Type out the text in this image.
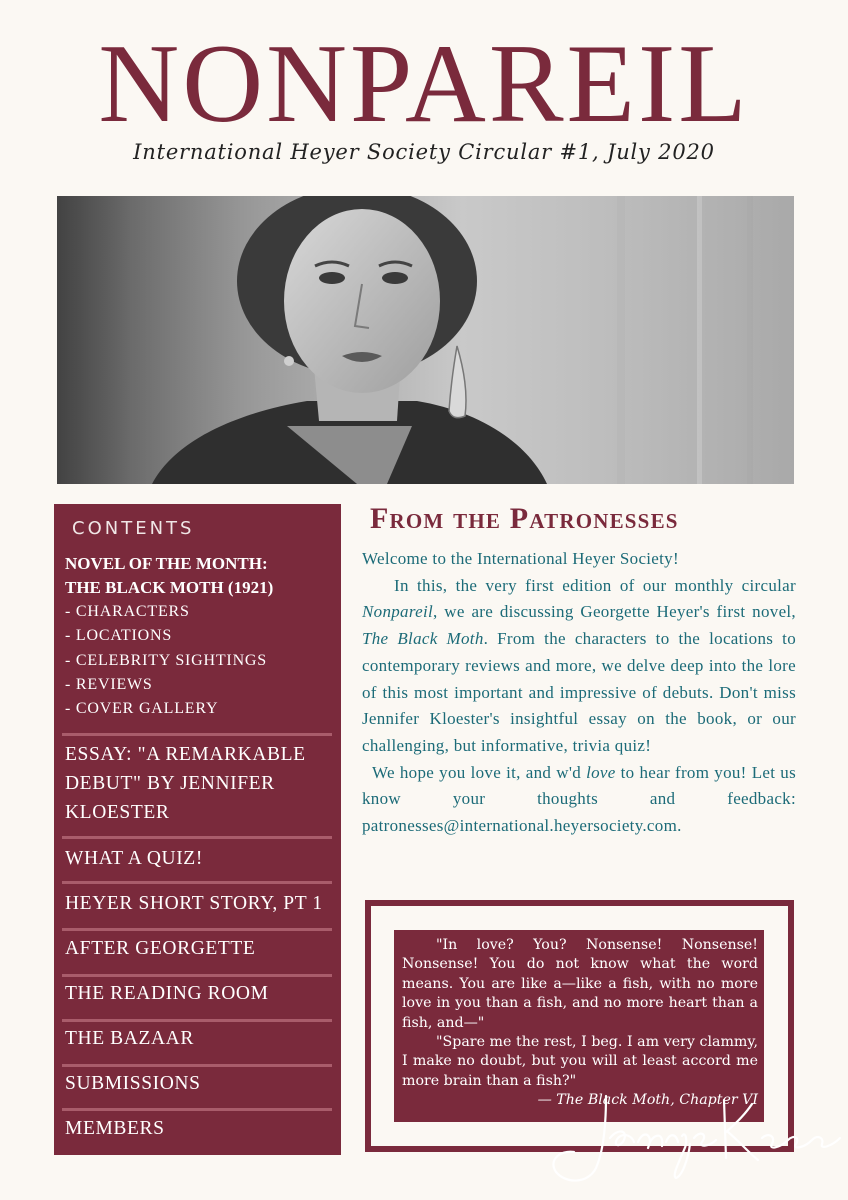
NONPAREIL
International Heyer Society Circular #1, July 2020
CONTENTS
NOVEL OF THE MONTH:
THE BLACK MOTH (1921)
- CHARACTERS
- LOCATIONS
- CELEBRITY SIGHTINGS
- REVIEWS
- COVER GALLERY
ESSAY: "A REMARKABLE DEBUT" BY JENNIFER KLOESTER
WHAT A QUIZ!
HEYER SHORT STORY, PT 1
AFTER GEORGETTE
THE READING ROOM
THE BAZAAR
SUBMISSIONS
MEMBERS
From the Patronesses

Welcome to the International Heyer Society!

In this, the very first edition of our monthly circular Nonpareil, we are discussing Georgette Heyer's first novel, The Black Moth. From the characters to the locations to contemporary reviews and more, we delve deep into the lore of this most important and impressive of debuts. Don't miss Jennifer Kloester's insightful essay on the book, or our challenging, but informative, trivia quiz!

We hope you love it, and w'd love to hear from you! Let us know your thoughts and feedback: patronesses@international.heyersociety.com.

"In love? You? Nonsense! Nonsense! Nonsense! You do not know what the word means. You are like a—like a fish, with no more love in you than a fish, and no more heart than a fish, and—"

"Spare me the rest, I beg. I am very clammy, I make no doubt, but you will at least accord me more brain than a fish?"

— The Black Moth, Chapter VI
